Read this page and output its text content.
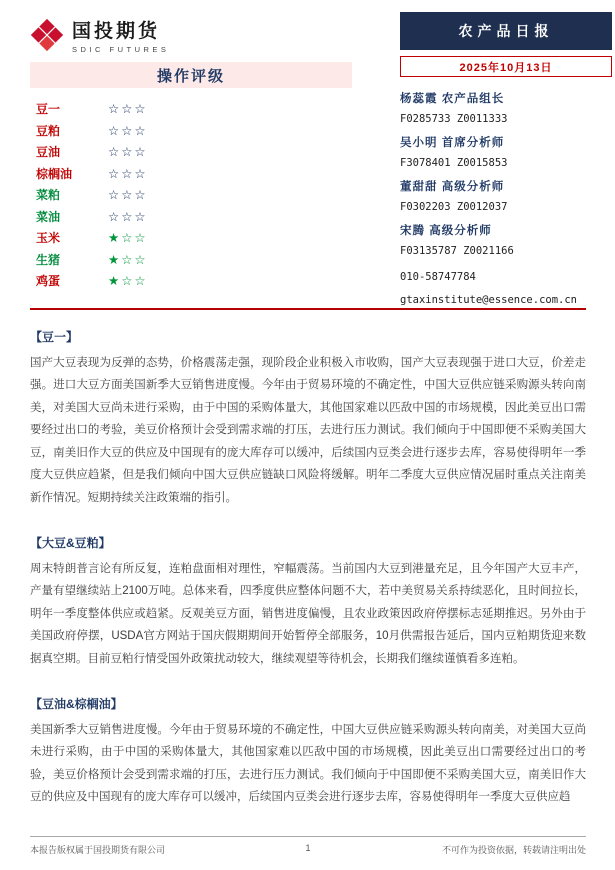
国投期货
SDIC FUTURES
农产品日报
2025年10月13日
操作评级
豆一	☆☆☆
豆粕	☆☆☆
豆油	☆☆☆
棕榈油	☆☆☆
菜粕	☆☆☆
菜油	☆☆☆
玉米	★☆☆
生猪	★☆☆
鸡蛋	★☆☆
杨蕊霞 农产品组长
F0285733 Z0011333
吴小明 首席分析师
F3078401 Z0015853
董甜甜 高级分析师
F0302203 Z0012037
宋腾 高级分析师
F03135787 Z0021166
010-58747784
gtaxinstitute@essence.com.cn
【豆一】
国产大豆表现为反弹的态势，价格震荡走强，现阶段企业积极入市收购，国产大豆表现强于进口大豆，价差走强。进口大豆方面美国新季大豆销售进度慢。今年由于贸易环境的不确定性，中国大豆供应链采购源头转向南美，对美国大豆尚未进行采购，由于中国的采购体量大，其他国家难以匹敌中国的市场规模，因此美豆出口需要经过出口的考验，美豆价格预计会受到需求端的打压，去进行压力测试。我们倾向于中国即便不采购美国大豆，南美旧作大豆的供应及中国现有的庞大库存可以缓冲，后续国内豆类会进行逐步去库，容易使得明年一季度大豆供应趋紧，但是我们倾向中国大豆供应链缺口风险将缓解。明年二季度大豆供应情况届时重点关注南美新作情况。短期持续关注政策端的指引。
【大豆&豆粕】
周末特朗普言论有所反复，连粕盘面相对理性，窄幅震荡。当前国内大豆到港量充足，且今年国产大豆丰产，产量有望继续站上2100万吨。总体来看，四季度供应整体问题不大，若中美贸易关系持续恶化，且时间拉长，明年一季度整体供应或趋紧。反观美豆方面，销售进度偏慢，且农业政策因政府停摆标志延期推迟。另外由于美国政府停摆，USDA官方网站于国庆假期期间开始暂停全部服务，10月供需报告延后，国内豆粕期货迎来数据真空期。目前豆粕行情受国外政策扰动较大，继续观望等待机会，长期我们继续谨慎看多连粕。
【豆油&棕榈油】
美国新季大豆销售进度慢。今年由于贸易环境的不确定性，中国大豆供应链采购源头转向南美，对美国大豆尚未进行采购，由于中国的采购体量大，其他国家难以匹敌中国的市场规模，因此美豆出口需要经过出口的考验，美豆价格预计会受到需求端的打压，去进行压力测试。我们倾向于中国即便不采购美国大豆，南美旧作大豆的供应及中国现有的庞大库存可以缓冲，后续国内豆类会进行逐步去库，容易使得明年一季度大豆供应趋
1
本报告版权属于国投期货有限公司	不可作为投资依据，转载请注明出处
